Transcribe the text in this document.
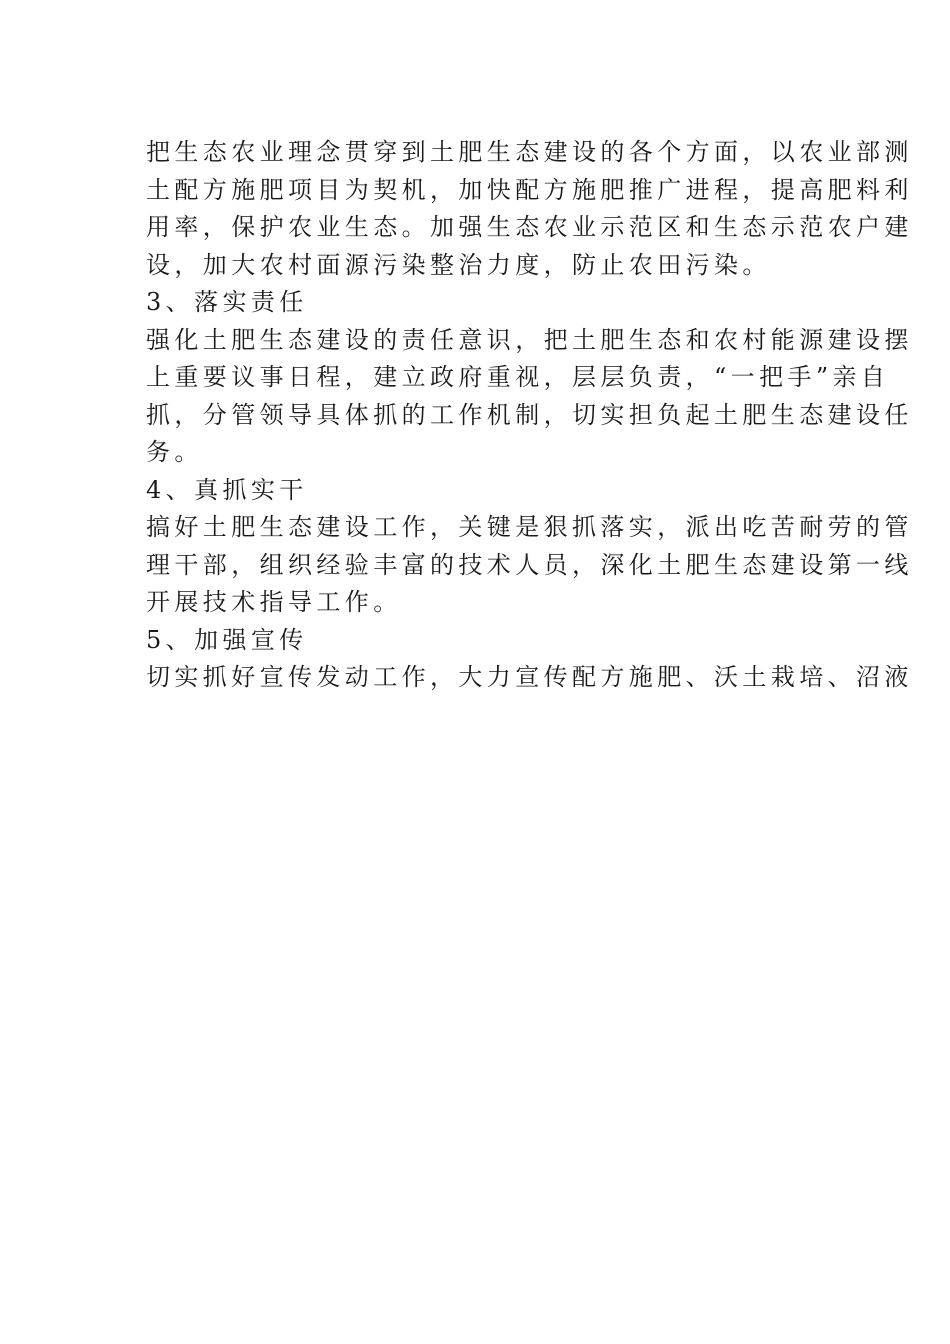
把生态农业理念贯穿到土肥生态建设的各个方面，以农业部测
土配方施肥项目为契机，加快配方施肥推广进程，提高肥料利
用率，保护农业生态。加强生态农业示范区和生态示范农户建
设，加大农村面源污染整治力度，防止农田污染。
3、落实责任
强化土肥生态建设的责任意识，把土肥生态和农村能源建设摆
上重要议事日程，建立政府重视，层层负责，“一把手”亲自
抓，分管领导具体抓的工作机制，切实担负起土肥生态建设任
务。
4、真抓实干
搞好土肥生态建设工作，关键是狠抓落实，派出吃苦耐劳的管
理干部，组织经验丰富的技术人员，深化土肥生态建设第一线
开展技术指导工作。
5、加强宣传
切实抓好宣传发动工作，大力宣传配方施肥、沃土栽培、沼液
